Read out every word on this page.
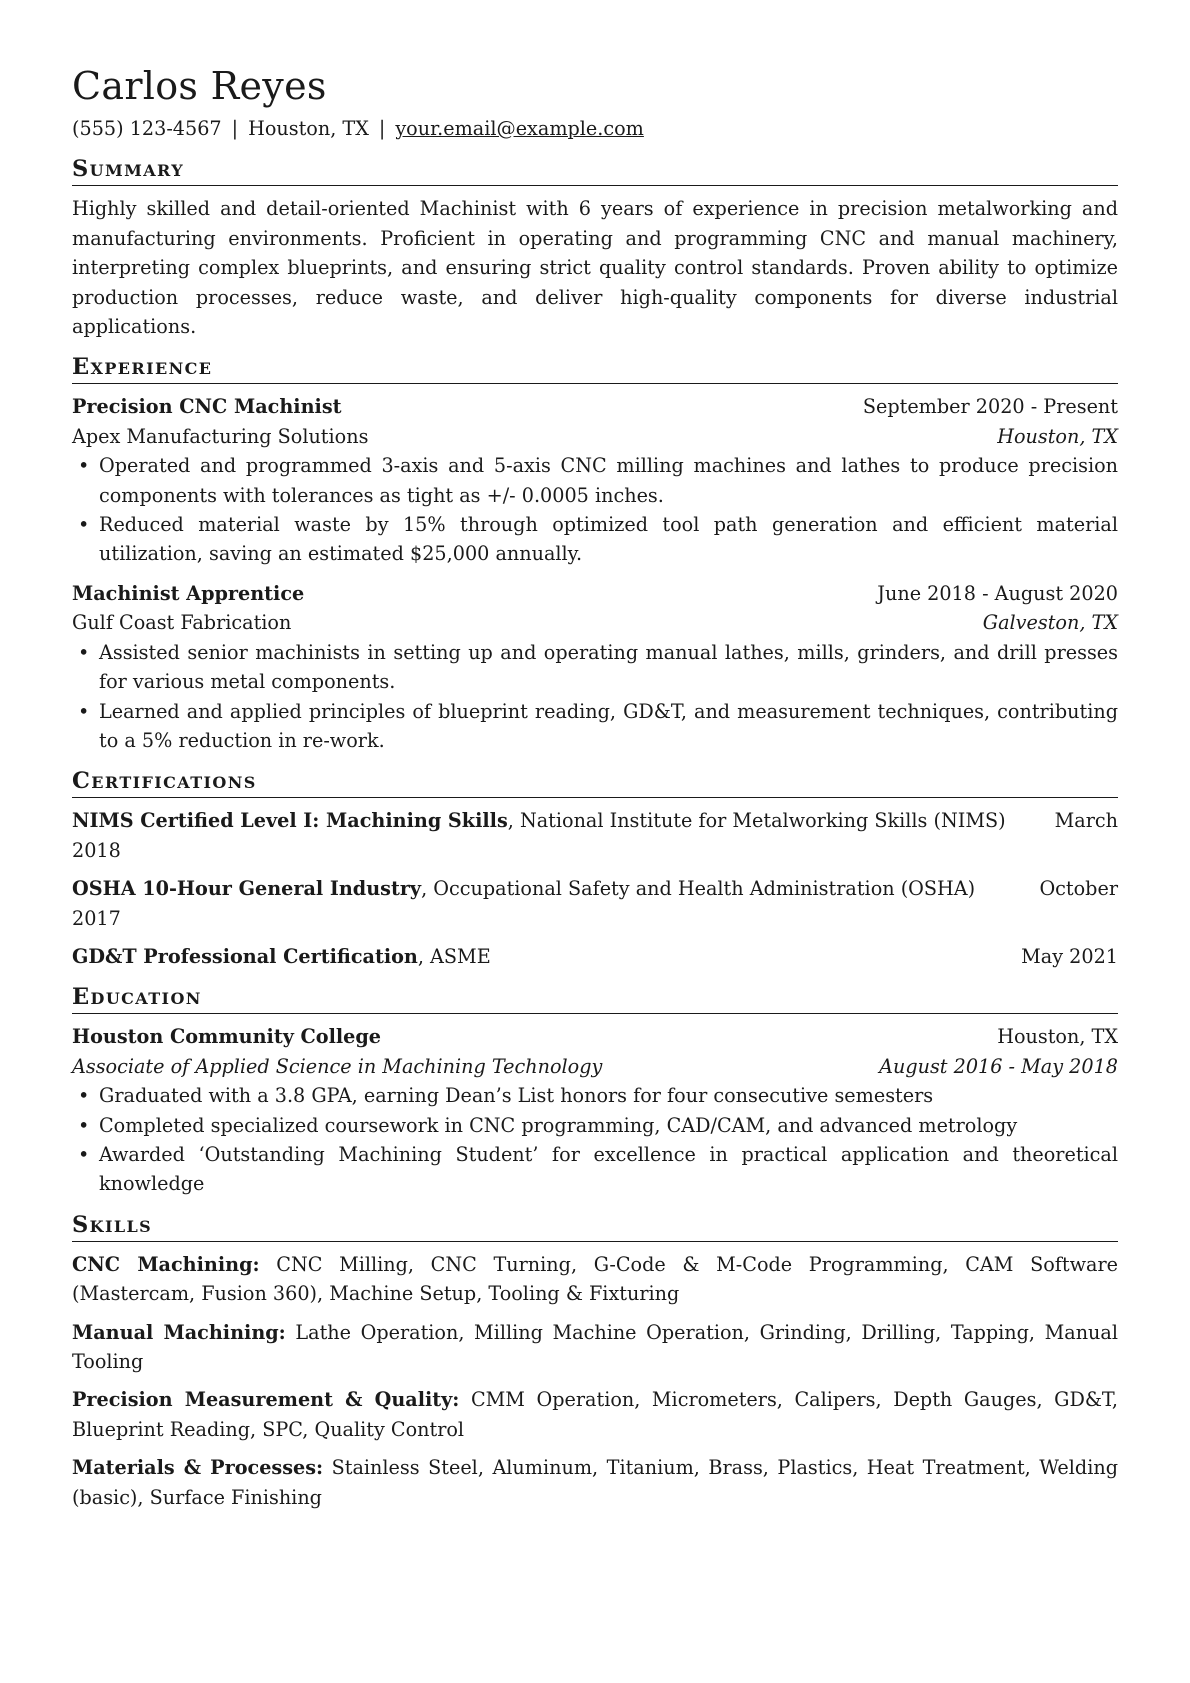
Carlos Reyes
(555) 123-4567 | Houston, TX | your.email@example.com
Summary
Highly skilled and detail-oriented Machinist with 6 years of experience in precision metalworking and manufacturing environments. Proficient in operating and programming CNC and manual machinery, interpreting complex blueprints, and ensuring strict quality control standards. Proven ability to optimize production processes, reduce waste, and deliver high-quality components for diverse industrial applications.
Experience
Precision CNC Machinist	September 2020 - Present
Apex Manufacturing Solutions	Houston, TX
• Operated and programmed 3-axis and 5-axis CNC milling machines and lathes to produce precision components with tolerances as tight as +/- 0.0005 inches.
• Reduced material waste by 15% through optimized tool path generation and efficient material utilization, saving an estimated $25,000 annually.
Machinist Apprentice	June 2018 - August 2020
Gulf Coast Fabrication	Galveston, TX
• Assisted senior machinists in setting up and operating manual lathes, mills, grinders, and drill presses for various metal components.
• Learned and applied principles of blueprint reading, GD&T, and measurement techniques, contributing to a 5% reduction in re-work.
Certifications
NIMS Certified Level I: Machining Skills, National Institute for Metalworking Skills (NIMS)	March
2018
OSHA 10-Hour General Industry, Occupational Safety and Health Administration (OSHA)	October
2017
GD&T Professional Certification, ASME	May 2021
Education
Houston Community College	Houston, TX
Associate of Applied Science in Machining Technology	August 2016 - May 2018
• Graduated with a 3.8 GPA, earning Dean’s List honors for four consecutive semesters
• Completed specialized coursework in CNC programming, CAD/CAM, and advanced metrology
• Awarded ‘Outstanding Machining Student’ for excellence in practical application and theoretical knowledge
Skills
CNC Machining: CNC Milling, CNC Turning, G-Code & M-Code Programming, CAM Software (Mastercam, Fusion 360), Machine Setup, Tooling & Fixturing
Manual Machining: Lathe Operation, Milling Machine Operation, Grinding, Drilling, Tapping, Manual Tooling
Precision Measurement & Quality: CMM Operation, Micrometers, Calipers, Depth Gauges, GD&T, Blueprint Reading, SPC, Quality Control
Materials & Processes: Stainless Steel, Aluminum, Titanium, Brass, Plastics, Heat Treatment, Welding (basic), Surface Finishing
